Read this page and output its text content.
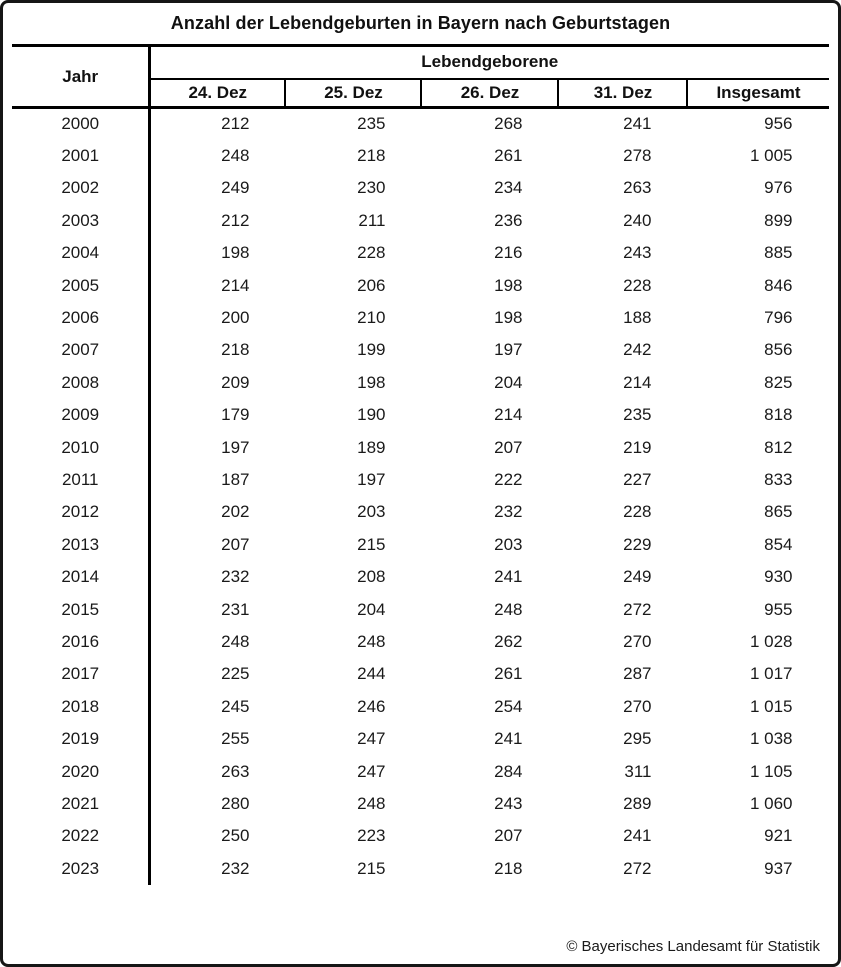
Anzahl der Lebendgeburten in Bayern nach Geburtstagen
Jahr	Lebendgeborene				
	24. Dez	25. Dez	26. Dez	31. Dez	Insgesamt
2000	212	235	268	241	956
2001	248	218	261	278	1 005
2002	249	230	234	263	976
2003	212	211	236	240	899
2004	198	228	216	243	885
2005	214	206	198	228	846
2006	200	210	198	188	796
2007	218	199	197	242	856
2008	209	198	204	214	825
2009	179	190	214	235	818
2010	197	189	207	219	812
2011	187	197	222	227	833
2012	202	203	232	228	865
2013	207	215	203	229	854
2014	232	208	241	249	930
2015	231	204	248	272	955
2016	248	248	262	270	1 028
2017	225	244	261	287	1 017
2018	245	246	254	270	1 015
2019	255	247	241	295	1 038
2020	263	247	284	311	1 105
2021	280	248	243	289	1 060
2022	250	223	207	241	921
2023	232	215	218	272	937
© Bayerisches Landesamt für Statistik
